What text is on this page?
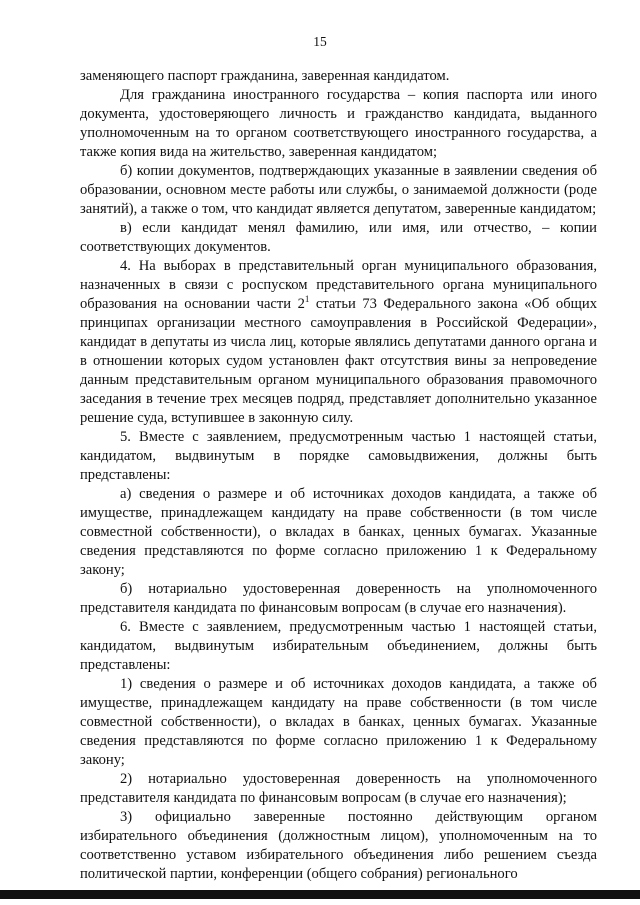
15

заменяющего паспорт гражданина, заверенная кандидатом.

Для гражданина иностранного государства – копия паспорта или иного документа, удостоверяющего личность и гражданство кандидата, выданного уполномоченным на то органом соответствующего иностранного государства, а также копия вида на жительство, заверенная кандидатом;

б) копии документов, подтверждающих указанные в заявлении сведения об образовании, основном месте работы или службы, о занимаемой должности (роде занятий), а также о том, что кандидат является депутатом, заверенные кандидатом;

в) если кандидат менял фамилию, или имя, или отчество, – копии соответствующих документов.

4. На выборах в представительный орган муниципального образования, назначенных в связи с роспуском представительного органа муниципального образования на основании части $2^1$ статьи 73 Федерального закона «Об общих принципах организации местного самоуправления в Российской Федерации», кандидат в депутаты из числа лиц, которые являлись депутатами данного органа и в отношении которых судом установлен факт отсутствия вины за непроведение данным представительным органом муниципального образования правомочного заседания в течение трех месяцев подряд, представляет дополнительно указанное решение суда, вступившее в законную силу.

5. Вместе с заявлением, предусмотренным частью 1 настоящей статьи, кандидатом, выдвинутым в порядке самовыдвижения, должны быть представлены:

а) сведения о размере и об источниках доходов кандидата, а также об имуществе, принадлежащем кандидату на праве собственности (в том числе совместной собственности), о вкладах в банках, ценных бумагах. Указанные сведения представляются по форме согласно приложению 1 к Федеральному закону;

б) нотариально удостоверенная доверенность на уполномоченного представителя кандидата по финансовым вопросам (в случае его назначения).

6. Вместе с заявлением, предусмотренным частью 1 настоящей статьи, кандидатом, выдвинутым избирательным объединением, должны быть представлены:

1) сведения о размере и об источниках доходов кандидата, а также об имуществе, принадлежащем кандидату на праве собственности (в том числе совместной собственности), о вкладах в банках, ценных бумагах. Указанные сведения представляются по форме согласно приложению 1 к Федеральному закону;

2) нотариально удостоверенная доверенность на уполномоченного представителя кандидата по финансовым вопросам (в случае его назначения);

3) официально заверенные постоянно действующим органом избирательного объединения (должностным лицом), уполномоченным на то соответственно уставом избирательного объединения либо решением съезда политической партии, конференции (общего собрания) регионального
